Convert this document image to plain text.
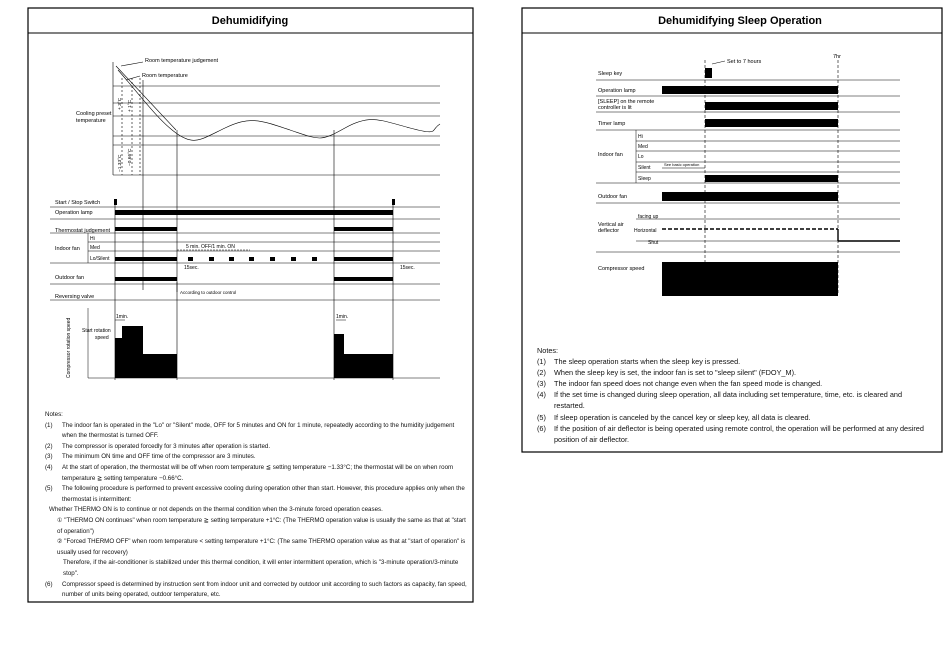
Dehumidifying
Room temperature judgement
Room temperature
Cooling preset
temperature
+ 3°C + 1°C
−1.33°C −0.66°C
Start / Stop Switch
Operation lamp
Thermostat judgement
Indoor fan
Hi
Med
Lo/Silent
5 min. OFF/1 min. ON
15sec.	15sec.
Outdoor fan
Reversing valve
According to outdoor control
Compressor rotation speed Start rotation
speed
1min.	1min.
Dehumidifying Sleep Operation
Set to 7 hours
7hr
Sleep key
Operation lamp
[SLEEP] on the remote
controller is lit
Timer lamp
Indoor fan
Hi
Med
Lo
Silent
Sleep
See basic operation
Outdoor fan
Vertical air
deflector
facing up
Horizontal
Shut
Compressor speed

Notes:

(1)	The indoor fan is operated in the "Lo" or "Silent" mode, OFF for 5 minutes and ON for 1 minute, repeatedly according to the humidity judgement when the thermostat is turned OFF.
(2)	The compressor is operated forcedly for 3 minutes after operation is started.
(3)	The minimum ON time and OFF time of the compressor are 3 minutes.
(4)	At the start of operation, the thermostat will be off when room temperature ≦ setting temperature −1.33°C; the thermostat will be on when room temperature ≧ setting temperature −0.66°C.
(5)	The following procedure is performed to prevent excessive cooling during operation other than start. However, this procedure applies only when the thermostat is intermittent:

Whether THERMO ON is to continue or not depends on the thermal condition when the 3-minute forced operation ceases.

① "THERMO ON continues" when room temperature ≧ setting temperature +1°C: (The THERMO operation value is usually the same as that at "start of operation")

② "Forced THERMO OFF" when room temperature < setting temperature +1°C: (The same THERMO operation value as that at "start of operation" is usually used for recovery)

Therefore, if the air-conditioner is stabilized under this thermal condition, it will enter intermittent operation, which is "3-minute operation/3-minute stop".

(6)	Compressor speed is determined by instruction sent from indoor unit and corrected by outdoor unit according to such factors as capacity, fan speed, number of units being operated, outdoor temperature, etc.

Notes:

(1)	The sleep operation starts when the sleep key is pressed.
(2)	When the sleep key is set, the indoor fan is set to "sleep silent" (FDOY_M).
(3)	The indoor fan speed does not change even when the fan speed mode is changed.
(4)	If the set time is changed during sleep operation, all data including set temperature, time, etc. is cleared and restarted.
(5)	If sleep operation is canceled by the cancel key or sleep key, all data is cleared.
(6)	If the position of air deflector is being operated using remote control, the operation will be performed at any desired position of air deflector.
